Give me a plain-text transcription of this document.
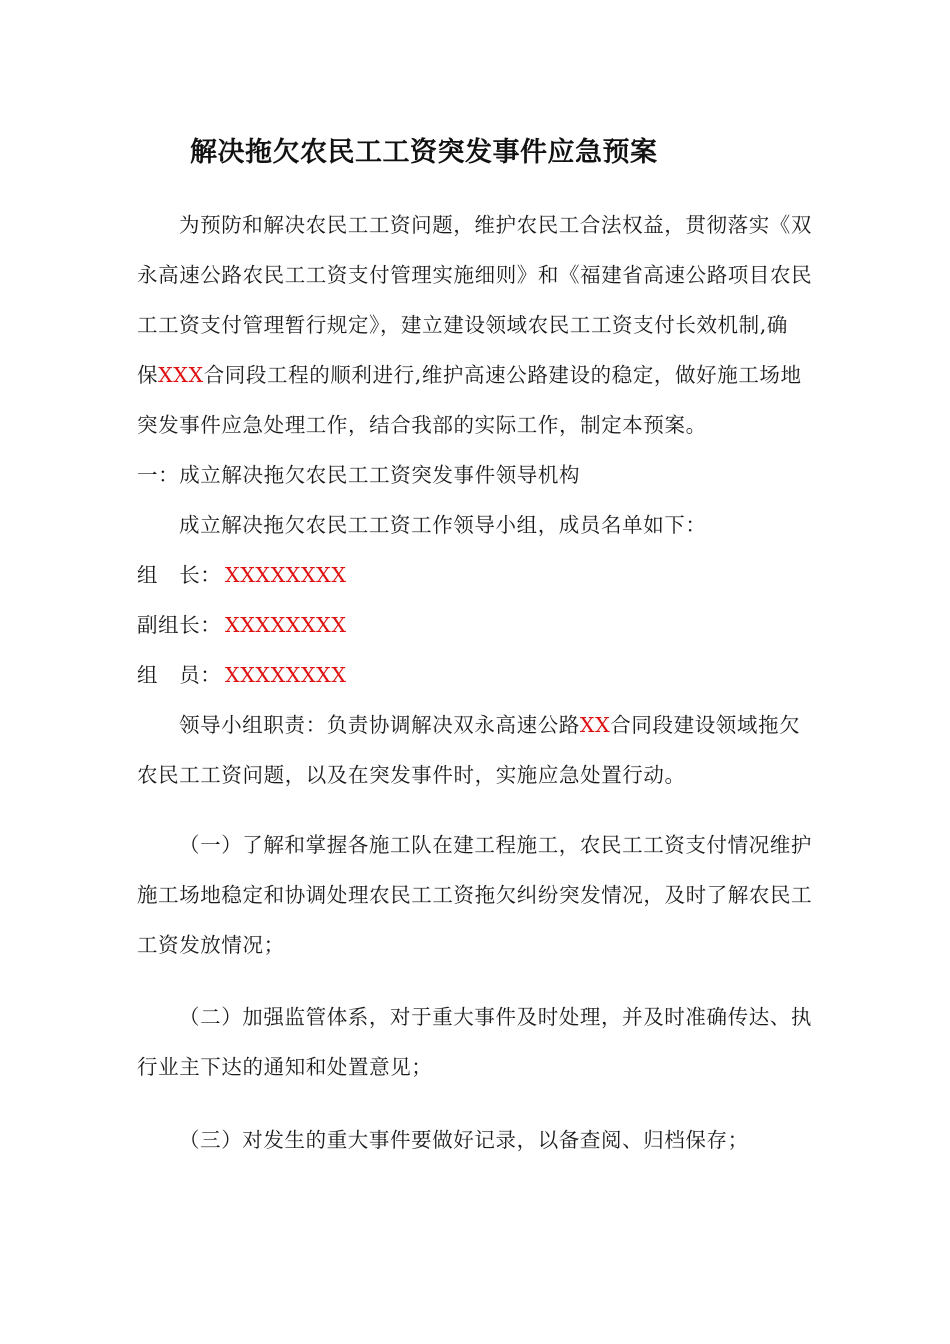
解决拖欠农民工工资突发事件应急预案
为预防和解决农民工工资问题，维护农民工合法权益，贯彻落实《双
永高速公路农民工工资支付管理实施细则》和《福建省高速公路项目农民
工工资支付管理暂行规定》，建立建设领域农民工工资支付长效机制,确
保XXX合同段工程的顺利进行,维护高速公路建设的稳定，做好施工场地
突发事件应急处理工作，结合我部的实际工作，制定本预案。
一：成立解决拖欠农民工工资突发事件领导机构
成立解决拖欠农民工工资工作领导小组，成员名单如下：
组　长： XXXXXXXX
副组长： XXXXXXXX
组　员： XXXXXXXX
领导小组职责：负责协调解决双永高速公路XX合同段建设领域拖欠
农民工工资问题，以及在突发事件时，实施应急处置行动。
（一）了解和掌握各施工队在建工程施工，农民工工资支付情况维护
施工场地稳定和协调处理农民工工资拖欠纠纷突发情况，及时了解农民工
工资发放情况；
（二）加强监管体系，对于重大事件及时处理，并及时准确传达、执
行业主下达的通知和处置意见；
（三）对发生的重大事件要做好记录，以备查阅、归档保存；
